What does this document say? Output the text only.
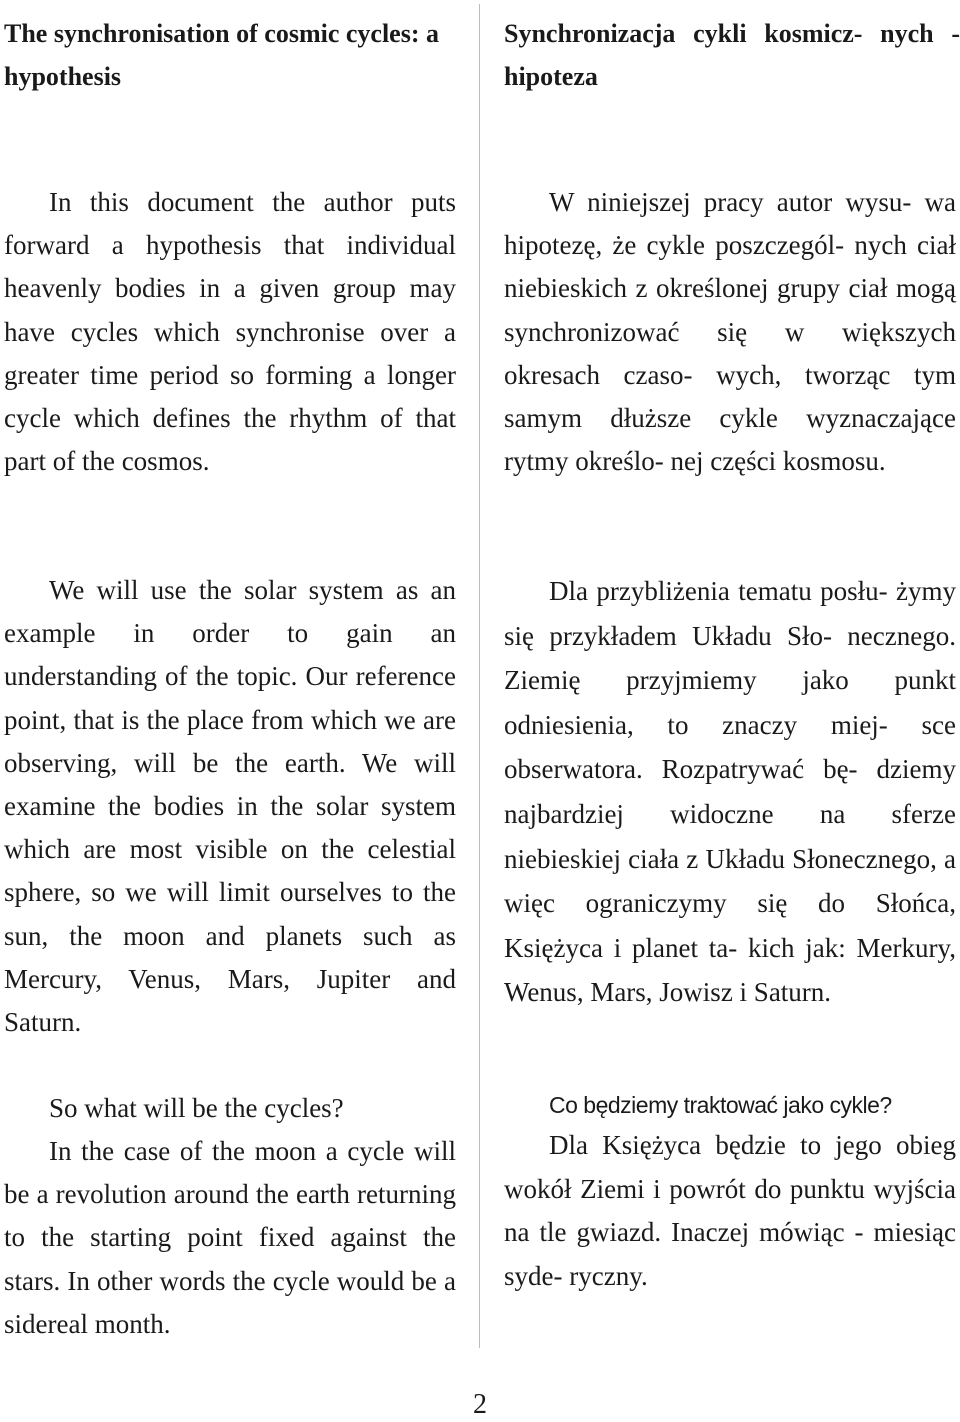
The synchronisation of cosmic cycles: a hypothesis

In this document the author puts forward a hypothesis that individual heavenly bodies in a given group may have cycles which synchronise over a greater time period so forming a longer cycle which defines the rhythm of that part of the cosmos.

We will use the solar system as an example in order to gain an understanding of the topic. Our reference point, that is the place from which we are observing, will be the earth. We will examine the bodies in the solar system which are most visible on the celestial sphere, so we will limit ourselves to the sun, the moon and planets such as Mercury, Venus, Mars, Jupiter and Saturn.

So what will be the cycles?

In the case of the moon a cycle will be a revolution around the earth returning to the starting point fixed against the stars. In other words the cycle would be a sidereal month.

Synchronizacja cykli kosmicz- nych - hipoteza

W niniejszej pracy autor wysu- wa hipotezę, że cykle poszczegól- nych ciał niebieskich z określonej grupy ciał mogą synchronizować się w większych okresach czaso- wych, tworząc tym samym dłuższe cykle wyznaczające rytmy określo- nej części kosmosu.

Dla przybliżenia tematu posłu- żymy się przykładem Układu Sło- necznego. Ziemię przyjmiemy jako punkt odniesienia, to znaczy miej- sce obserwatora. Rozpatrywać bę- dziemy najbardziej widoczne na sferze niebieskiej ciała z Układu Słonecznego, a więc ograniczymy się do Słońca, Księżyca i planet ta- kich jak: Merkury, Wenus, Mars, Jowisz i Saturn.

Co będziemy traktować jako cykle?

Dla Księżyca będzie to jego obieg wokół Ziemi i powrót do punktu wyjścia na tle gwiazd. Inaczej mówiąc - miesiąc syde- ryczny.

2
